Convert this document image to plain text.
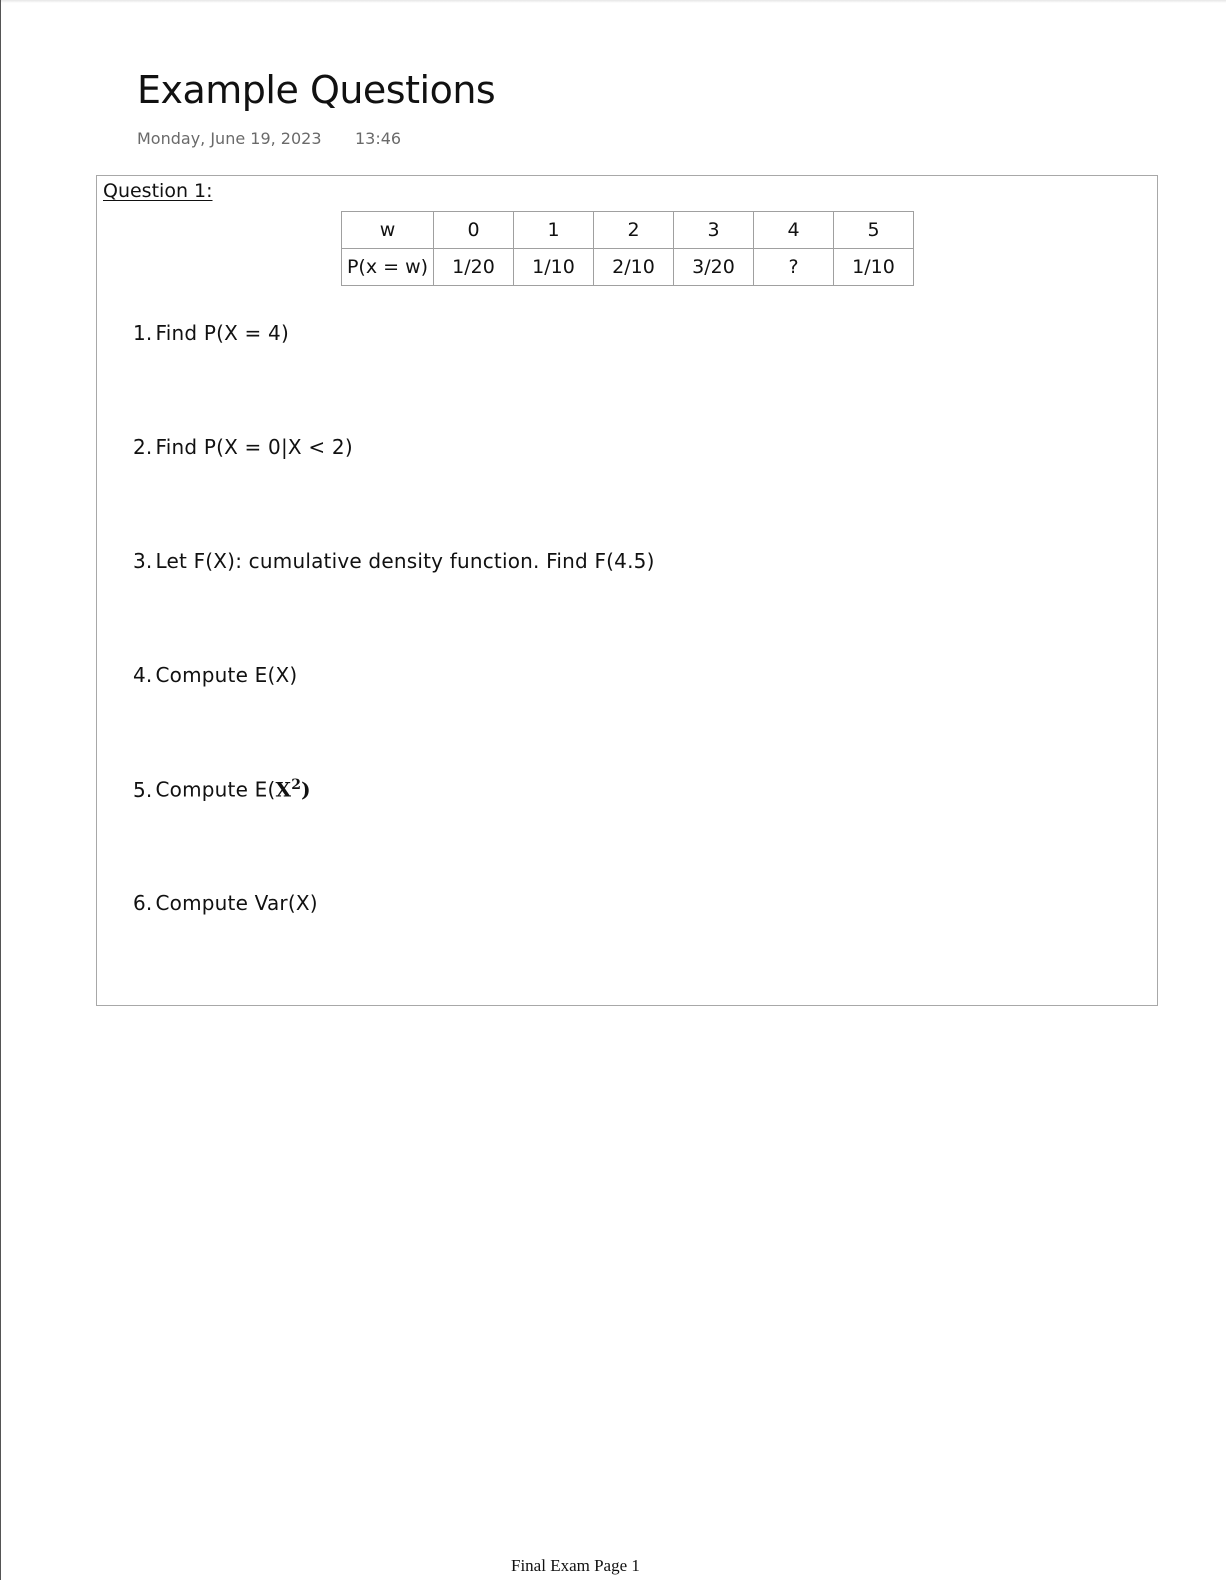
Example Questions
Monday, June 19, 2023 13:46
Question 1:
w	0	1	2	3	4	5
P(x = w)	1/20	1/10	2/10	3/20	?	1/10
1. Find P(X = 4)
2. Find P(X = 0|X < 2)
3. Let F(X): cumulative density function. Find F(4.5)
4. Compute E(X)
5. Compute $E(X^2)$
6. Compute Var(X)
Final Exam Page 1
